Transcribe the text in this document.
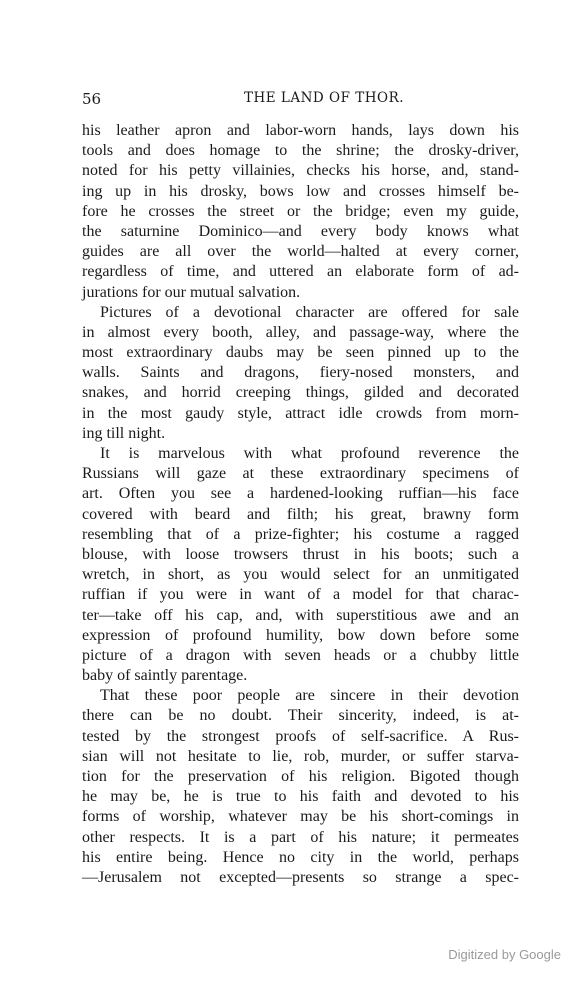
56	THE LAND OF THOR.
his leather apron and labor-worn hands, lays down his
tools and does homage to the shrine; the drosky-driver,
noted for his petty villainies, checks his horse, and, stand-
ing up in his drosky, bows low and crosses himself be-
fore he crosses the street or the bridge; even my guide,
the saturnine Dominico—and every body knows what
guides are all over the world—halted at every corner,
regardless of time, and uttered an elaborate form of ad-
jurations for our mutual salvation.
Pictures of a devotional character are offered for sale
in almost every booth, alley, and passage-way, where the
most extraordinary daubs may be seen pinned up to the
walls. Saints and dragons, fiery-nosed monsters, and
snakes, and horrid creeping things, gilded and decorated
in the most gaudy style, attract idle crowds from morn-
ing till night.
It is marvelous with what profound reverence the
Russians will gaze at these extraordinary specimens of
art. Often you see a hardened-looking ruffian—his face
covered with beard and filth; his great, brawny form
resembling that of a prize-fighter; his costume a ragged
blouse, with loose trowsers thrust in his boots; such a
wretch, in short, as you would select for an unmitigated
ruffian if you were in want of a model for that charac-
ter—take off his cap, and, with superstitious awe and an
expression of profound humility, bow down before some
picture of a dragon with seven heads or a chubby little
baby of saintly parentage.
That these poor people are sincere in their devotion
there can be no doubt. Their sincerity, indeed, is at-
tested by the strongest proofs of self-sacrifice. A Rus-
sian will not hesitate to lie, rob, murder, or suffer starva-
tion for the preservation of his religion. Bigoted though
he may be, he is true to his faith and devoted to his
forms of worship, whatever may be his short-comings in
other respects. It is a part of his nature; it permeates
his entire being. Hence no city in the world, perhaps
—Jerusalem not excepted—presents so strange a spec-
Digitized by Google
